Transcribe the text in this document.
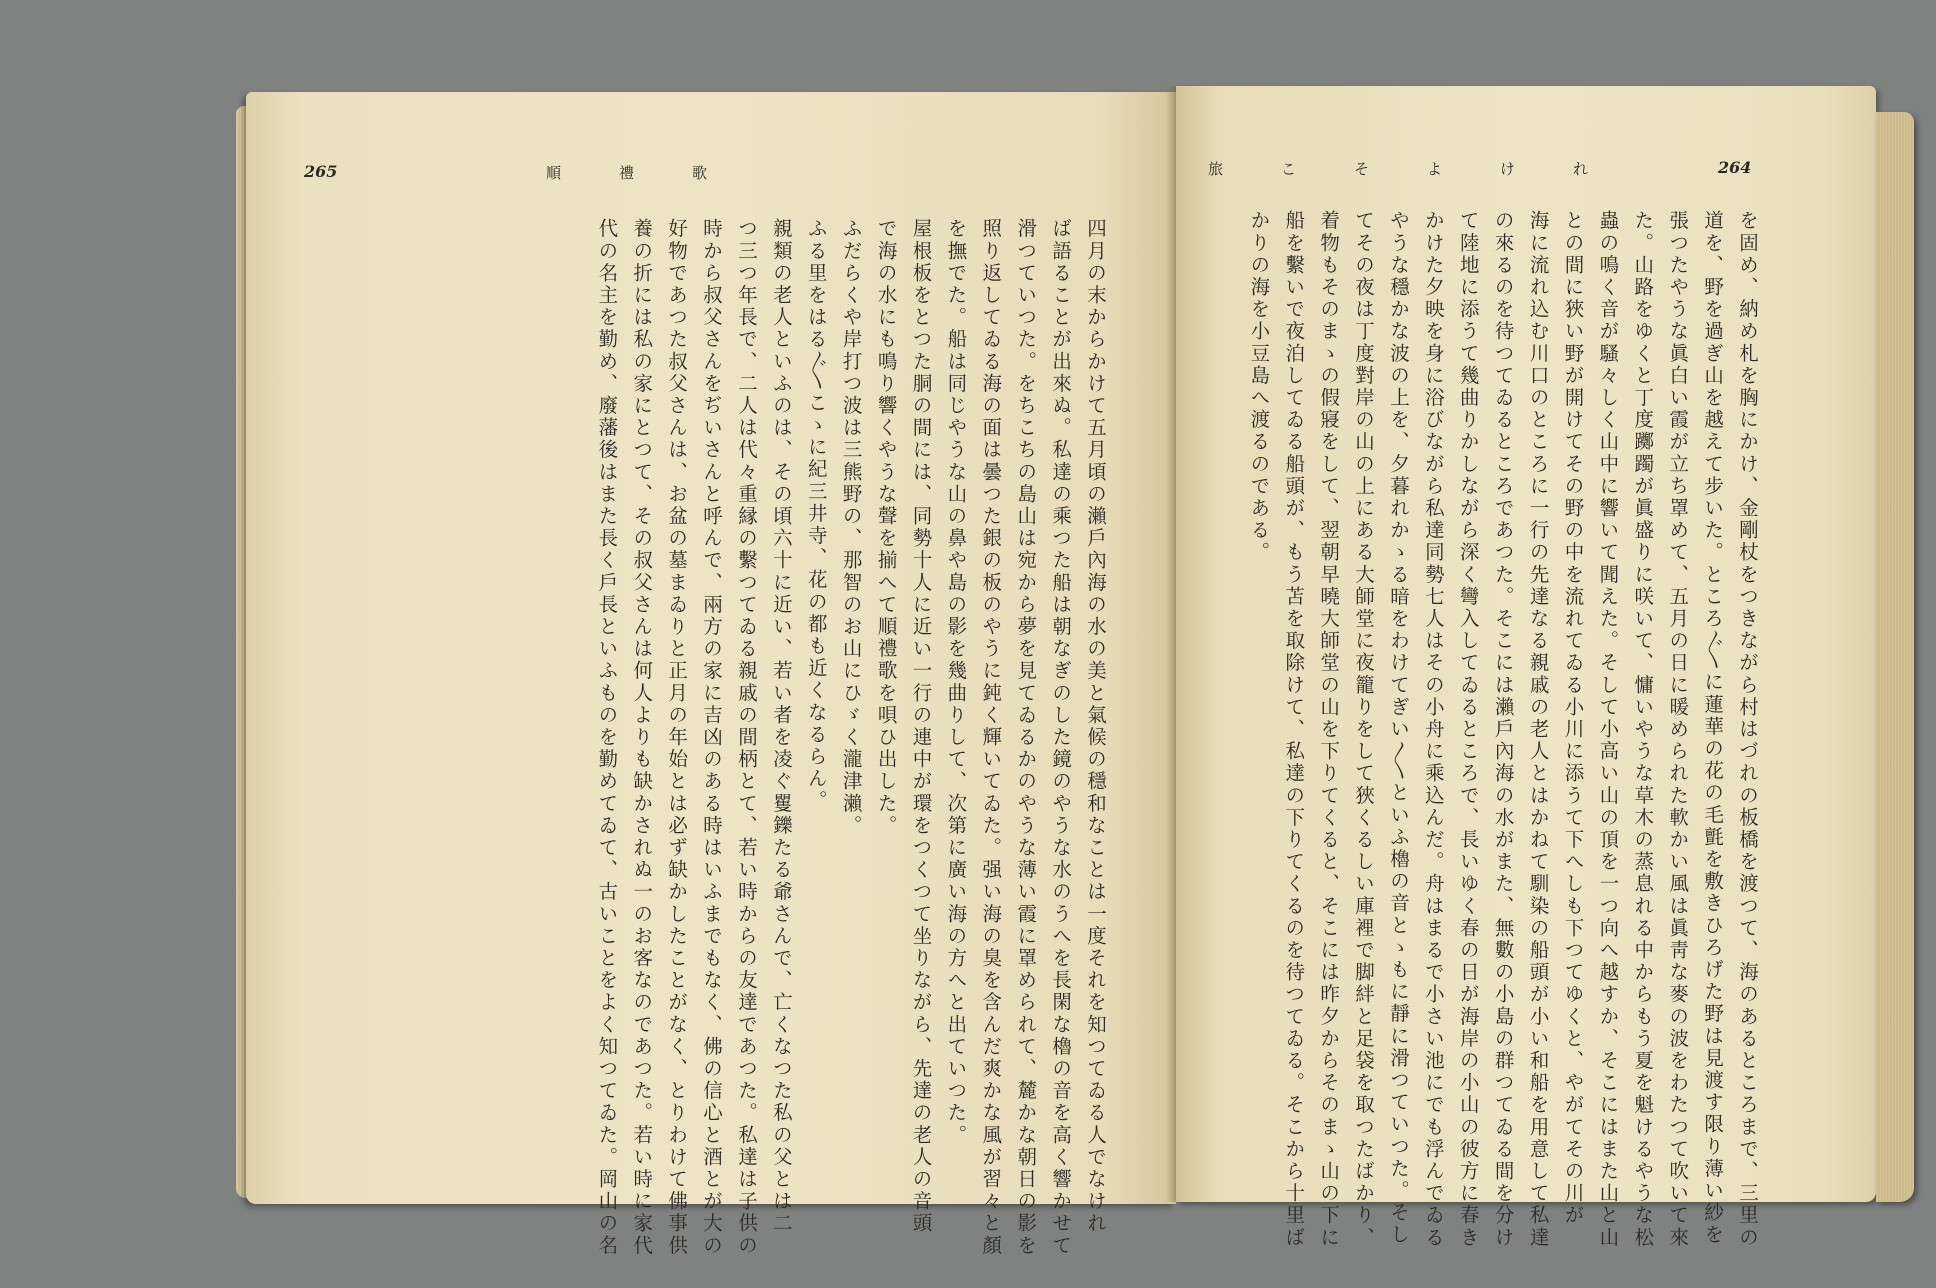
265	順禮歌
四月の末からかけて五月頃の瀨戶內海の水の美と氣候の穩和なことは一度それを知つてゐる人でなけれ
ば語ることが出來ぬ。私達の乘つた船は朝なぎのした鏡のやうな水のうへを長閑な櫓の音を高く響かせて
滑つていつた。をちこちの島山は宛から夢を見てゐるかのやうな薄い霞に罩められて、麓かな朝日の影を
照り返してゐる海の面は曇つた銀の板のやうに鈍く輝いてゐた。强い海の臭を含んだ爽かな風が習々と顏
を撫でた。船は同じやうな山の鼻や島の影を幾曲りして、次第に廣い海の方へと出ていつた。
屋根板をとつた胴の間には、同勢十人に近い一行の連中が環をつくつて坐りながら、先達の老人の音頭
で海の水にも鳴り響くやうな聲を揃へて順禮歌を唄ひ出した。
ふだらくや岸打つ波は三熊野の、那智のお山にひゞく瀧津瀨。
ふる里をはる〴〵こゝに紀三井寺、花の都も近くなるらん。
親類の老人といふのは、その頃六十に近い、若い者を凌ぐ矍鑠たる爺さんで、亡くなつた私の父とは二
つ三つ年長で、二人は代々重縁の繫つてゐる親戚の間柄とて、若い時からの友達であつた。私達は子供の
時から叔父さんをぢいさんと呼んで、兩方の家に吉凶のある時はいふまでもなく、佛の信心と酒とが大の
好物であつた叔父さんは、お盆の墓まゐりと正月の年始とは必ず缺かしたことがなく、とりわけて佛事供
養の折には私の家にとつて、その叔父さんは何人よりも缺かされぬ一のお客なのであつた。若い時に家代
代の名主を勤め、廢藩後はまた長く戶長といふものを勤めてゐて、古いことをよく知つてゐた。岡山の名
旅こそよけれ	264
を固め、納め札を胸にかけ、金剛杖をつきながら村はづれの板橋を渡つて、海のあるところまで、三里の
道を、野を過ぎ山を越えて步いた。ところ〴〵に蓮華の花の毛氈を敷きひろげた野は見渡す限り薄い紗を
張つたやうな眞白い霞が立ち罩めて、五月の日に暖められた軟かい風は眞靑な麥の波をわたつて吹いて來
た。山路をゆくと丁度躑躅が眞盛りに咲いて、慵いやうな草木の蒸息れる中からもう夏を魁けるやうな松
蟲の鳴く音が騷々しく山中に響いて聞えた。そして小高い山の頂を一つ向へ越すか、そこにはまた山と山
との間に狹い野が開けてその野の中を流れてゐる小川に添うて下へしも下つてゆくと、やがてその川が
海に流れ込む川口のところに一行の先達なる親戚の老人とはかねて馴染の船頭が小い和船を用意して私達
の來るのを待つてゐるところであつた。そこには瀨戶內海の水がまた、無數の小島の群つてゐる間を分け
て陸地に添うて幾曲りかしながら深く彎入してゐるところで、長いゆく春の日が海岸の小山の彼方に春き
かけた夕映を身に浴びながら私達同勢七人はその小舟に乘込んだ。舟はまるで小さい池にでも浮んでゐる
やうな穩かな波の上を、夕暮れかゝる暗をわけてぎい〳〵といふ櫓の音とゝもに靜に滑つていつた。そし
てその夜は丁度對岸の山の上にある大師堂に夜籠りをして狹くるしい庫裡で脚絆と足袋を取つたばかり、
着物もそのまゝの假寢をして、翌朝早曉大師堂の山を下りてくると、そこには昨夕からそのまゝ山の下に
船を繫いで夜泊してゐる船頭が、もう苫を取除けて、私達の下りてくるのを待つてゐる。そこから十里ば
かりの海を小豆島へ渡るのである。
